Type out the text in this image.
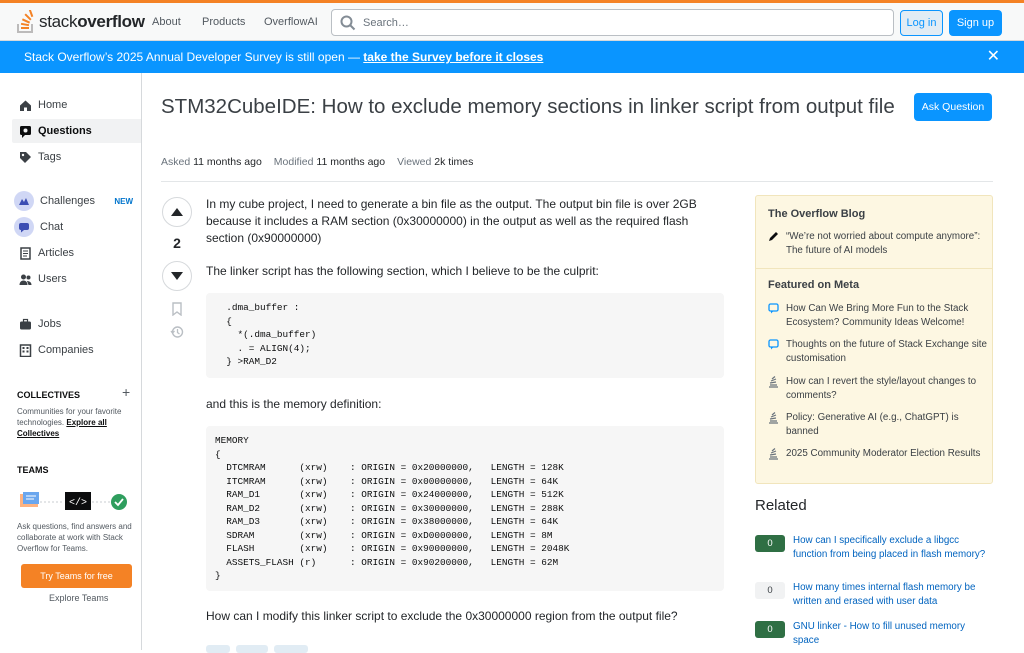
stackoverflow About Products OverflowAI	Search…	Log in	Sign up
Stack Overflow’s 2025 Annual Developer Survey is still open — take the Survey before it closes	✕
Home
Questions
Tags
Challenges NEW
Chat
Articles
Users
Jobs
Companies
COLLECTIVES	+
Communities for your favorite technologies. Explore all Collectives
TEAMS
</>
Ask questions, find answers and collaborate at work with Stack Overflow for Teams.
Try Teams for free
Explore Teams
STM32CubeIDE: How to exclude memory sections in linker script from output file	Ask Question
Asked 11 months ago Modified 11 months ago Viewed 2k times
2
In my cube project, I need to generate a bin file as the output. The output bin file is over 2GB because it includes a RAM section (0x30000000) in the output as well as the required flash section (0x90000000)
The linker script has the following section, which I believe to be the culprit:
.dma_buffer :
{
*(.dma_buffer)
. = ALIGN(4);
} >RAM_D2
and this is the memory definition:
MEMORY
{
DTCMRAM      (xrw)    : ORIGIN = 0x20000000,   LENGTH = 128K
ITCMRAM      (xrw)    : ORIGIN = 0x00000000,   LENGTH = 64K
RAM_D1       (xrw)    : ORIGIN = 0x24000000,   LENGTH = 512K
RAM_D2       (xrw)    : ORIGIN = 0x30000000,   LENGTH = 288K
RAM_D3       (xrw)    : ORIGIN = 0x38000000,   LENGTH = 64K
SDRAM        (xrw)    : ORIGIN = 0xD0000000,   LENGTH = 8M
FLASH        (xrw)    : ORIGIN = 0x90000000,   LENGTH = 2048K
ASSETS_FLASH (r)      : ORIGIN = 0x90200000,   LENGTH = 62M
}
How can I modify this linker script to exclude the 0x30000000 region from the output file?
The Overflow Blog
“We’re not worried about compute anymore”: The future of AI models
Featured on Meta
How Can We Bring More Fun to the Stack Ecosystem? Community Ideas Welcome!
Thoughts on the future of Stack Exchange site customisation
How can I revert the style/layout changes to comments?
Policy: Generative AI (e.g., ChatGPT) is banned
2025 Community Moderator Election Results
Related
0	How can I specifically exclude a libgcc function from being placed in flash memory?
0	How many times internal flash memory be written and erased with user data
0	GNU linker - How to fill unused memory space
